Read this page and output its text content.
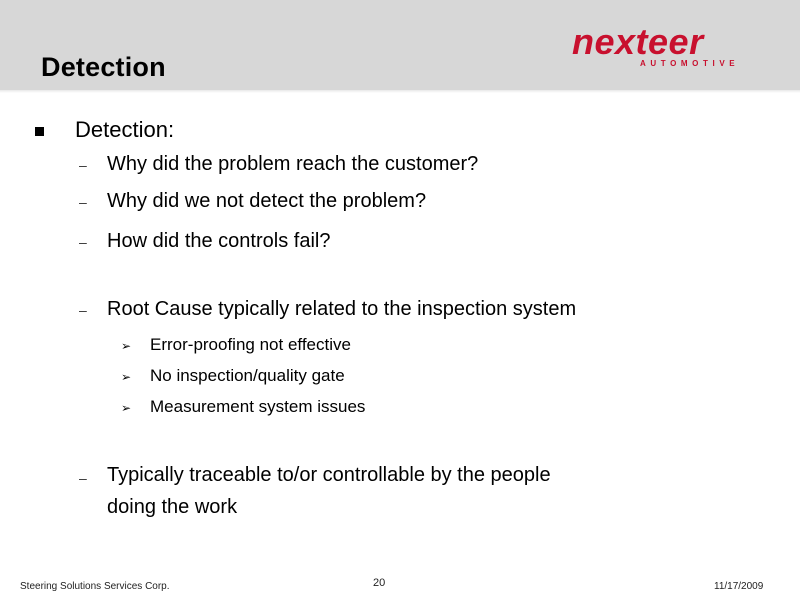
Detection
nexteer
AUTOMOTIVE
Detection:
– Why did the problem reach the customer?
– Why did we not detect the problem?
– How did the controls fail?
– Root Cause typically related to the inspection system
➢ Error-proofing not effective
➢ No inspection/quality gate
➢ Measurement system issues
– Typically traceable to/or controllable by the people
doing the work
Steering Solutions Services Corp.	20	11/17/2009
